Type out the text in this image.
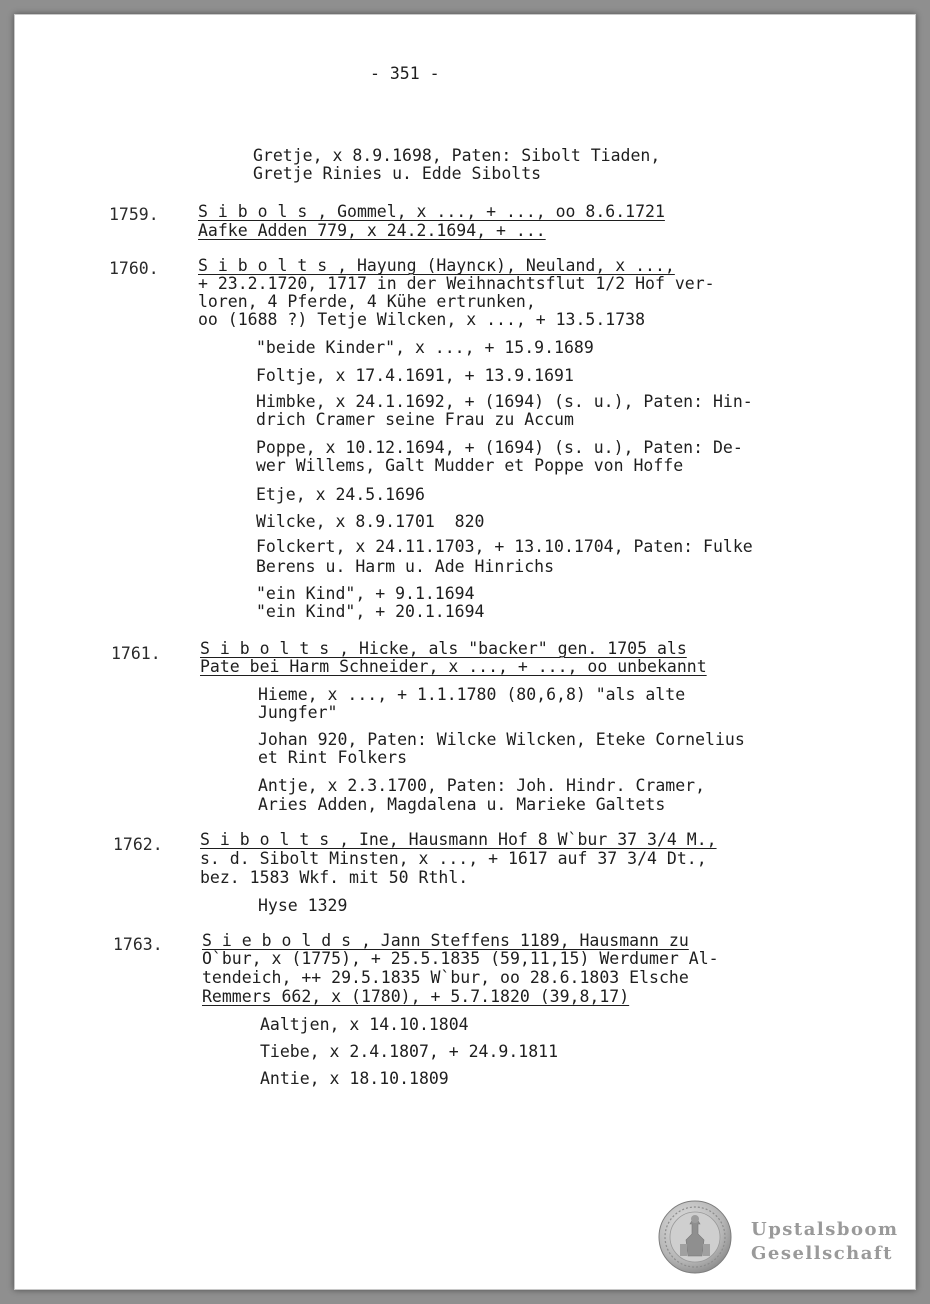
- 351 -
Gretje, x 8.9.1698, Paten: Sibolt Tiaden,
Gretje Rinies u. Edde Sibolts
1759. S i b o l s , Gommel, x ..., + ..., oo 8.6.1721
Aafke Adden 779, x 24.2.1694, + ...
1760. S i b o l t s , Hayung (Hayncк), Neuland, x ...,
+ 23.2.1720, 1717 in der Weihnachtsflut 1/2 Hof ver-
loren, 4 Pferde, 4 Kühe ertrunken,
oo (1688 ?) Tetje Wilcken, x ..., + 13.5.1738
"beide Kinder", x ..., + 15.9.1689
Foltje, x 17.4.1691, + 13.9.1691
Himbke, x 24.1.1692, + (1694) (s. u.), Paten: Hin-
drich Cramer seine Frau zu Accum
Poppe, x 10.12.1694, + (1694) (s. u.), Paten: De-
wer Willems, Galt Mudder et Poppe von Hoffe
Etje, x 24.5.1696
Wilcke, x 8.9.1701  820
Folckert, x 24.11.1703, + 13.10.1704, Paten: Fulke
Berens u. Harm u. Ade Hinrichs
"ein Kind", + 9.1.1694
"ein Kind", + 20.1.1694
1761. S i b o l t s , Hicke, als "backer" gen. 1705 als
Pate bei Harm Schneider, x ..., + ..., oo unbekannt
Hieme, x ..., + 1.1.1780 (80,6,8) "als alte
Jungfer"
Johan 920, Paten: Wilcke Wilcken, Eteke Cornelius
et Rint Folkers
Antje, x 2.3.1700, Paten: Joh. Hindr. Cramer,
Aries Adden, Magdalena u. Marieke Galtets
1762. S i b o l t s , Ine, Hausmann Hof 8 W`bur 37 3/4 M.,
s. d. Sibolt Minsten, x ..., + 1617 auf 37 3/4 Dt.,
bez. 1583 Wkf. mit 50 Rthl.
Hyse 1329
1763. S i e b o l d s , Jann Steffens 1189, Hausmann zu
O`bur, x (1775), + 25.5.1835 (59,11,15) Werdumer Al-
tendeich, ++ 29.5.1835 W`bur, oo 28.6.1803 Elsche
Remmers 662, x (1780), + 5.7.1820 (39,8,17)
Aaltjen, x 14.10.1804
Tiebe, x 2.4.1807, + 24.9.1811
Antie, x 18.10.1809
Upstalsboom
Gesellschaft
